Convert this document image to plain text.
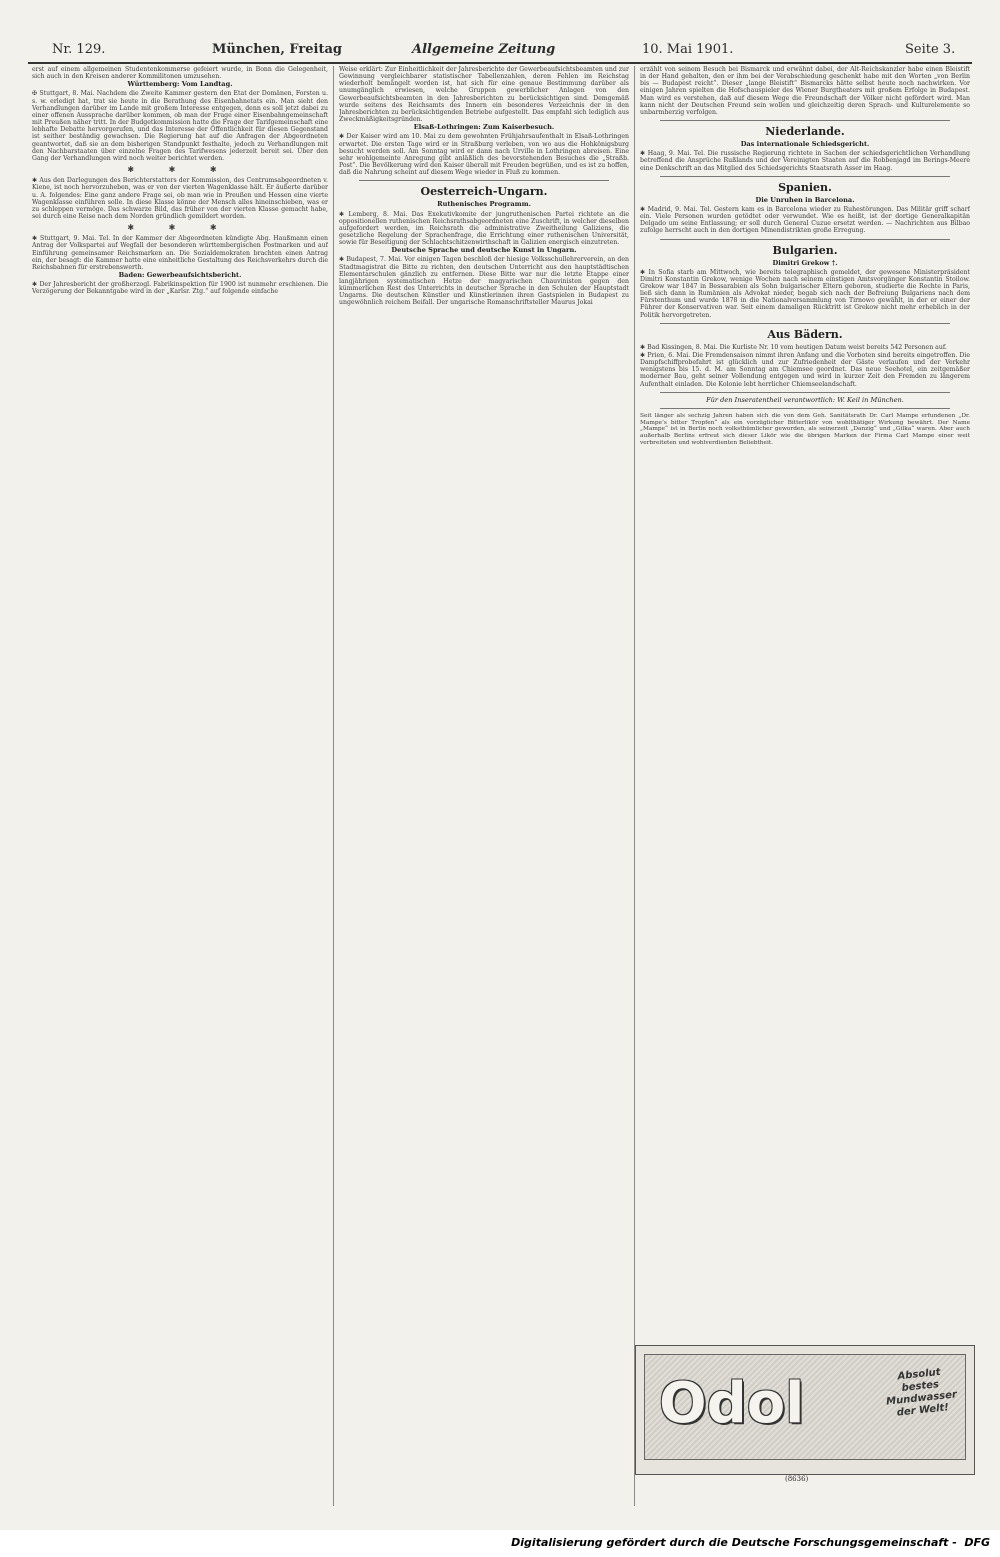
Nr. 129.	München, Freitag	Allgemeine Zeitung	10. Mai 1901.	Seite 3.

erst auf einem allgemeinen Studentenkommerse gefeiert wurde, in Bonn die Gelegenheit, sich auch in den Kreisen anderer Kommilitonen umzusehen.

Württemberg: Vom Landtag.

✠ Stuttgart, 8. Mai. Nachdem die Zweite Kammer gestern den Etat der Domänen, Forsten u. s. w. erledigt hat, trat sie heute in die Berathung des Eisenbahnetats ein. Man sieht den Verhandlungen darüber im Lande mit großem Interesse entgegen, denn es soll jetzt dabei zu einer offenen Aussprache darüber kommen, ob man der Frage einer Eisenbahngemeinschaft mit Preußen näher tritt. In der Budgetkommission hatte die Frage der Tarifgemeinschaft eine lebhafte Debatte hervorgerufen, und das Interesse der Öffentlichkeit für diesen Gegenstand ist seither beständig gewachsen. Die Regierung hat auf die Anfragen der Abgeordneten geantwortet, daß sie an dem bisherigen Standpunkt festhalte, jedoch zu Verhandlungen mit den Nachbarstaaten über einzelne Fragen des Tarifwesens jederzeit bereit sei. Über den Gang der Verhandlungen wird noch weiter berichtet werden.

✱ ✱ ✱

✱ Aus den Darlegungen des Berichterstatters der Kommission, des Centrumsabgeordneten v. Kiene, ist noch hervorzuheben, was er von der vierten Wagenklasse hält. Er äußerte darüber u. A. folgendes: Eine ganz andere Frage sei, ob man wie in Preußen und Hessen eine vierte Wagenklasse einführen solle. In diese Klasse könne der Mensch alles hineinschieben, was er zu schleppen vermöge. Das schwarze Bild, das früher von der vierten Klasse gemacht habe, sei durch eine Reise nach dem Norden gründlich gemildert worden.

✱ ✱ ✱

✱ Stuttgart, 9. Mai. Tel. In der Kammer der Abgeordneten kündigte Abg. Haußmann einen Antrag der Volkspartei auf Wegfall der besonderen württembergischen Postmarken und auf Einführung gemeinsamer Reichsmarken an. Die Sozialdemokraten brachten einen Antrag ein, der besagt: die Kammer hatte eine einheitliche Gestaltung des Reichsverkehrs durch die Reichsbahnen für erstrebenswerth.

Baden: Gewerbeaufsichtsbericht.

✱ Der Jahresbericht der großherzogl. Fabrikinspektion für 1900 ist nunmehr erschienen. Die Verzögerung der Bekanntgabe wird in der „Karlsr. Ztg.“ auf folgende einfache

Weise erklärt: Zur Einheitlichkeit der Jahresberichte der Gewerbeaufsichtsbeamten und zur Gewinnung vergleichbarer statistischer Tabellenzahlen, deren Fehlen im Reichstag wiederholt bemängelt worden ist, hat sich für eine genaue Bestimmung darüber als unumgänglich erwiesen, welche Gruppen gewerblicher Anlagen von den Gewerbeaufsichtsbeamten in den Jahresberichten zu berücksichtigen sind. Demgemäß wurde seitens des Reichsamts des Innern ein besonderes Verzeichnis der in den Jahresberichten zu berücksichtigenden Betriebe aufgestellt. Das empfahl sich lediglich aus Zweckmäßigkeitsgründen.

Elsaß-Lothringen: Zum Kaiserbesuch.

✱ Der Kaiser wird am 10. Mai zu dem gewohnten Frühjahrsaufenthalt in Elsaß-Lothringen erwartet. Die ersten Tage wird er in Straßburg verleben, von wo aus die Hohkönigsburg besucht werden soll. Am Sonntag wird er dann nach Urville in Lothringen abreisen. Eine sehr wohlgemeinte Anregung gibt anläßlich des bevorstehenden Besuches die „Straßb. Post“. Die Bevölkerung wird den Kaiser überall mit Freuden begrüßen, und es ist zu hoffen, daß die Nahrung scheint auf diesem Wege wieder in Fluß zu kommen.

Oesterreich-Ungarn.
Ruthenisches Programm.

✱ Lemberg, 8. Mai. Das Exekutivkomite der jungruthenischen Partei richtete an die oppositionellen ruthenischen Reichsrathsabgeordneten eine Zuschrift, in welcher dieselben aufgefordert werden, im Reichsrath die administrative Zweitheilung Galiziens, die gesetzliche Regelung der Sprachenfrage, die Errichtung einer ruthenischen Universität, sowie für Beseitigung der Schlachtschitzenwirthschaft in Galizien energisch einzutreten.

Deutsche Sprache und deutsche Kunst in Ungarn.

✱ Budapest, 7. Mai. Vor einigen Tagen beschloß der hiesige Volksschullehrerverein, an den Stadtmagistrat die Bitte zu richten, den deutschen Unterricht aus den hauptstädtischen Elementarschulen gänzlich zu entfernen. Diese Bitte war nur die letzte Etappe einer langjährigen systematischen Hetze der magyarischen Chauvinisten gegen den kümmerlichen Rest des Unterrichts in deutscher Sprache in den Schulen der Hauptstadt Ungarns. Die deutschen Künstler und Künstlerinnen ihren Gastspielen in Budapest zu ungewöhnlich reichem Beifall. Der ungarische Romanschriftsteller Maurus Jokai

erzählt von seinem Besuch bei Bismarck und erwähnt dabei, der Alt-Reichskanzler habe einen Bleistift in der Hand gehalten, den er ihm bei der Verabschiedung geschenkt habe mit den Worten „von Berlin bis — Budapest reicht“. Dieser „lange Bleistift“ Bismarcks hätte selbst heute noch nachwirken. Vor einigen Jahren spielten die Hofschauspieler des Wiener Burgtheaters mit großem Erfolge in Budapest. Man wird es verstehen, daß auf diesem Wege die Freundschaft der Völker nicht gefördert wird. Man kann nicht der Deutschen Freund sein wollen und gleichzeitig deren Sprach- und Kulturelemente so unbarmherzig verfolgen.

Niederlande.
Das internationale Schiedsgericht.

✱ Haag, 9. Mai. Tel. Die russische Regierung richtete in Sachen der schiedsgerichtlichen Verhandlung betreffend die Ansprüche Rußlands und der Vereinigten Staaten auf die Robbenjagd im Berings-Meere eine Denkschrift an das Mitglied des Schiedsgerichts Staatsrath Asser im Haag.

Spanien.
Die Unruhen in Barcelona.

✱ Madrid, 9. Mai. Tel. Gestern kam es in Barcelona wieder zu Ruhestörungen. Das Militär griff scharf ein. Viele Personen wurden getödtet oder verwundet. Wie es heißt, ist der dortige Generalkapitän Delgado um seine Entlassung; er soll durch General Cuzue ersetzt werden. — Nachrichten aus Bilbao zufolge herrscht auch in den dortigen Minendistrikten große Erregung.

Bulgarien.
Dimitri Grekow †.

✱ In Sofia starb am Mittwoch, wie bereits telegraphisch gemeldet, der gewesene Ministerpräsident Dimitri Konstantin Grekow, wenige Wochen nach seinem einstigen Amtsvorgänger Konstantin Stoilow. Grekow war 1847 in Bessarabien als Sohn bulgarischer Eltern geboren, studierte die Rechte in Paris, ließ sich dann in Rumänien als Advokat nieder, begab sich nach der Befreiung Bulgariens nach dem Fürstenthum und wurde 1878 in die Nationalversammlung von Tirnowo gewählt, in der er einer der Führer der Konservativen war. Seit einem damaligen Rücktritt ist Grekow nicht mehr erheblich in der Politik hervorgetreten.

Aus Bädern.

✱ Bad Kissingen, 8. Mai. Die Kurliste Nr. 10 vom heutigen Datum weist bereits 542 Personen auf.

✱ Prien, 6. Mai. Die Fremdensaison nimmt ihren Anfang und die Vorboten sind bereits eingetroffen. Die Dampfschiffprobefahrt ist glücklich und zur Zufriedenheit der Gäste verlaufen und der Verkehr wenigstens bis 15. d. M. am Sonntag am Chiemsee geordnet. Das neue Seehotel, ein zeitgemäßer moderner Bau, geht seiner Vollendung entgegen und wird in kurzer Zeit den Fremden zu längerem Aufenthalt einladen. Die Kolonie lebt herrlicher Chiemseelandschaft.

Für den Inseratentheil verantwortlich: W. Keil in München.

Seit länger als sechzig Jahren haben sich die von dem Geh. Sanitätsrath Dr. Carl Mampe erfundenen „Dr. Mampe’s bitter Tropfen“ als ein vorzüglicher Bitterlikör von wohlthätiger Wirkung bewährt. Der Name „Mampe“ ist in Berlin noch volksthümlicher geworden, als seinerzeit „Danzig“ und „Gilka“ waren. Aber auch außerhalb Berlins erfreut sich dieser Likör wie die übrigen Marken der Firma Carl Mampe einer weit verbreiteten und wohlverdienten Beliebtheit.

Odol	Absolut bestes Mundwasser der Welt!
(8636)
Digitalisierung gefördert durch die Deutsche Forschungsgemeinschaft - DFG
